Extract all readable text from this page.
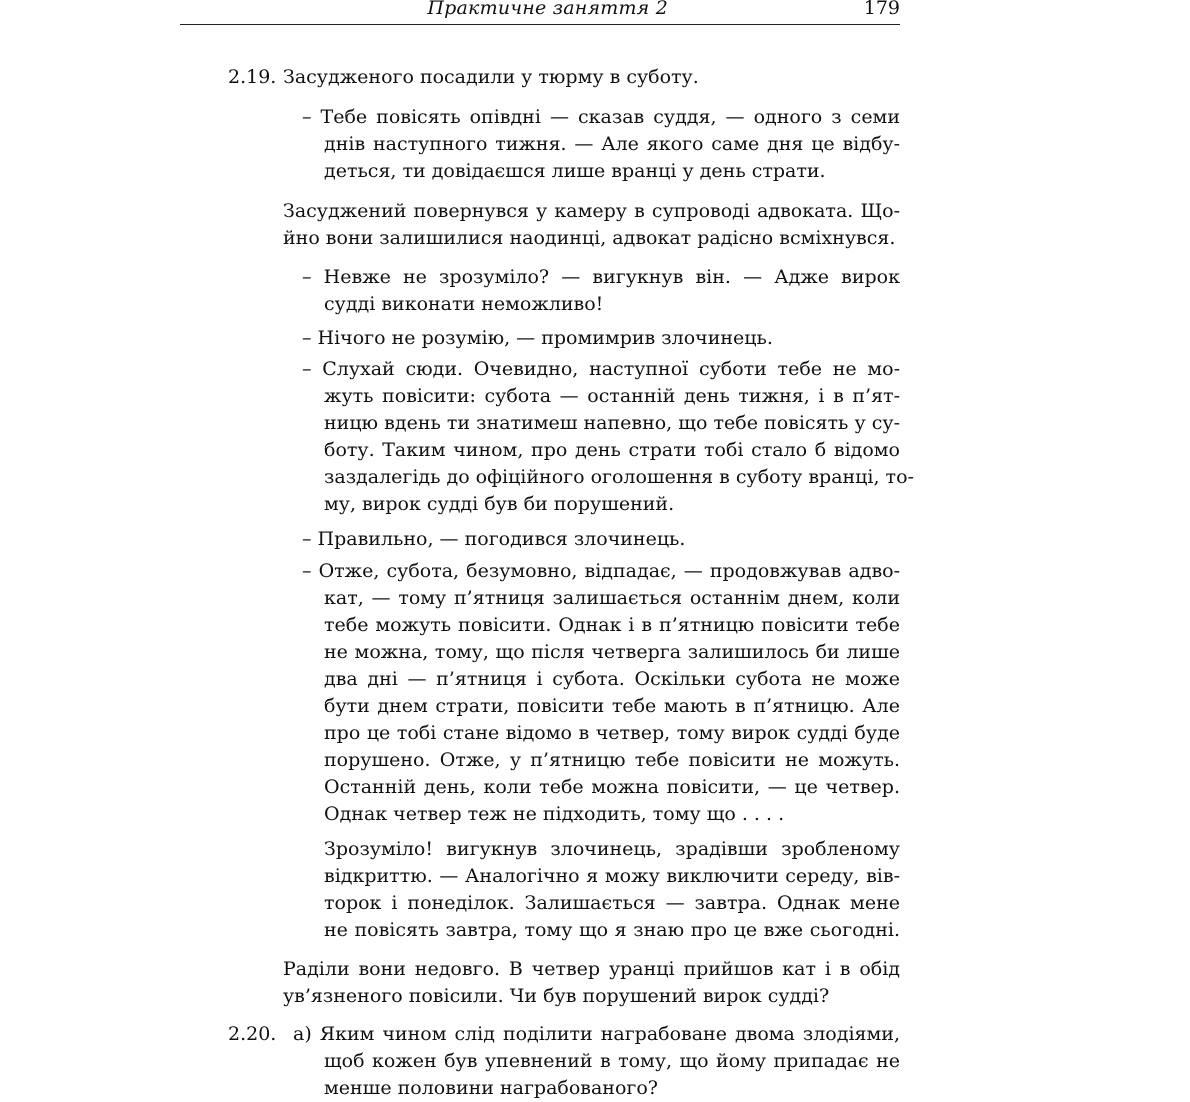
Практичне заняття 2	179
2.19. Засудженого посадили у тюрму в суботу.
– Тебе повісять опівдні — сказав суддя, — одного з семи
днів наступного тижня. — Але якого саме дня це відбу-
деться, ти довідаєшся лише вранці у день страти.
Засуджений повернувся у камеру в супроводі адвоката. Що-
йно вони залишилися наодинці, адвокат радісно всміхнувся.
– Невже не зрозуміло? — вигукнув він. — Адже вирок
судді виконати неможливо!
– Нічого не розумію, — промимрив злочинець.
– Слухай сюди. Очевидно, наступної суботи тебе не мо-
жуть повісити: субота — останній день тижня, і в п’ят-
ницю вдень ти знатимеш напевно, що тебе повісять у су-
боту. Таким чином, про день страти тобі стало б відомо
заздалегідь до офіційного оголошення в суботу вранці, то-
му, вирок судді був би порушений.
– Правильно, — погодився злочинець.
– Отже, субота, безумовно, відпадає, — продовжував адво-
кат, — тому п’ятниця залишається останнім днем, коли
тебе можуть повісити. Однак і в п’ятницю повісити тебе
не можна, тому, що після четверга залишилось би лише
два дні — п’ятниця і субота. Оскільки субота не може
бути днем страти, повісити тебе мають в п’ятницю. Але
про це тобі стане відомо в четвер, тому вирок судді буде
порушено. Отже, у п’ятницю тебе повісити не можуть.
Останній день, коли тебе можна повісити, — це четвер.
Однак четвер теж не підходить, тому що . . . .
Зрозуміло! вигукнув злочинець, зрадівши зробленому
відкриттю. — Аналогічно я можу виключити середу, вів-
торок і понеділок. Залишається — завтра. Однак мене
не повісять завтра, тому що я знаю про це вже сьогодні.
Раділи вони недовго. В четвер уранці прийшов кат і в обід
ув’язненого повісили. Чи був порушений вирок судді?
2.20. а) Яким чином слід поділити награбоване двома злодіями,
щоб кожен був упевнений в тому, що йому припадає не
менше половини награбованого?
